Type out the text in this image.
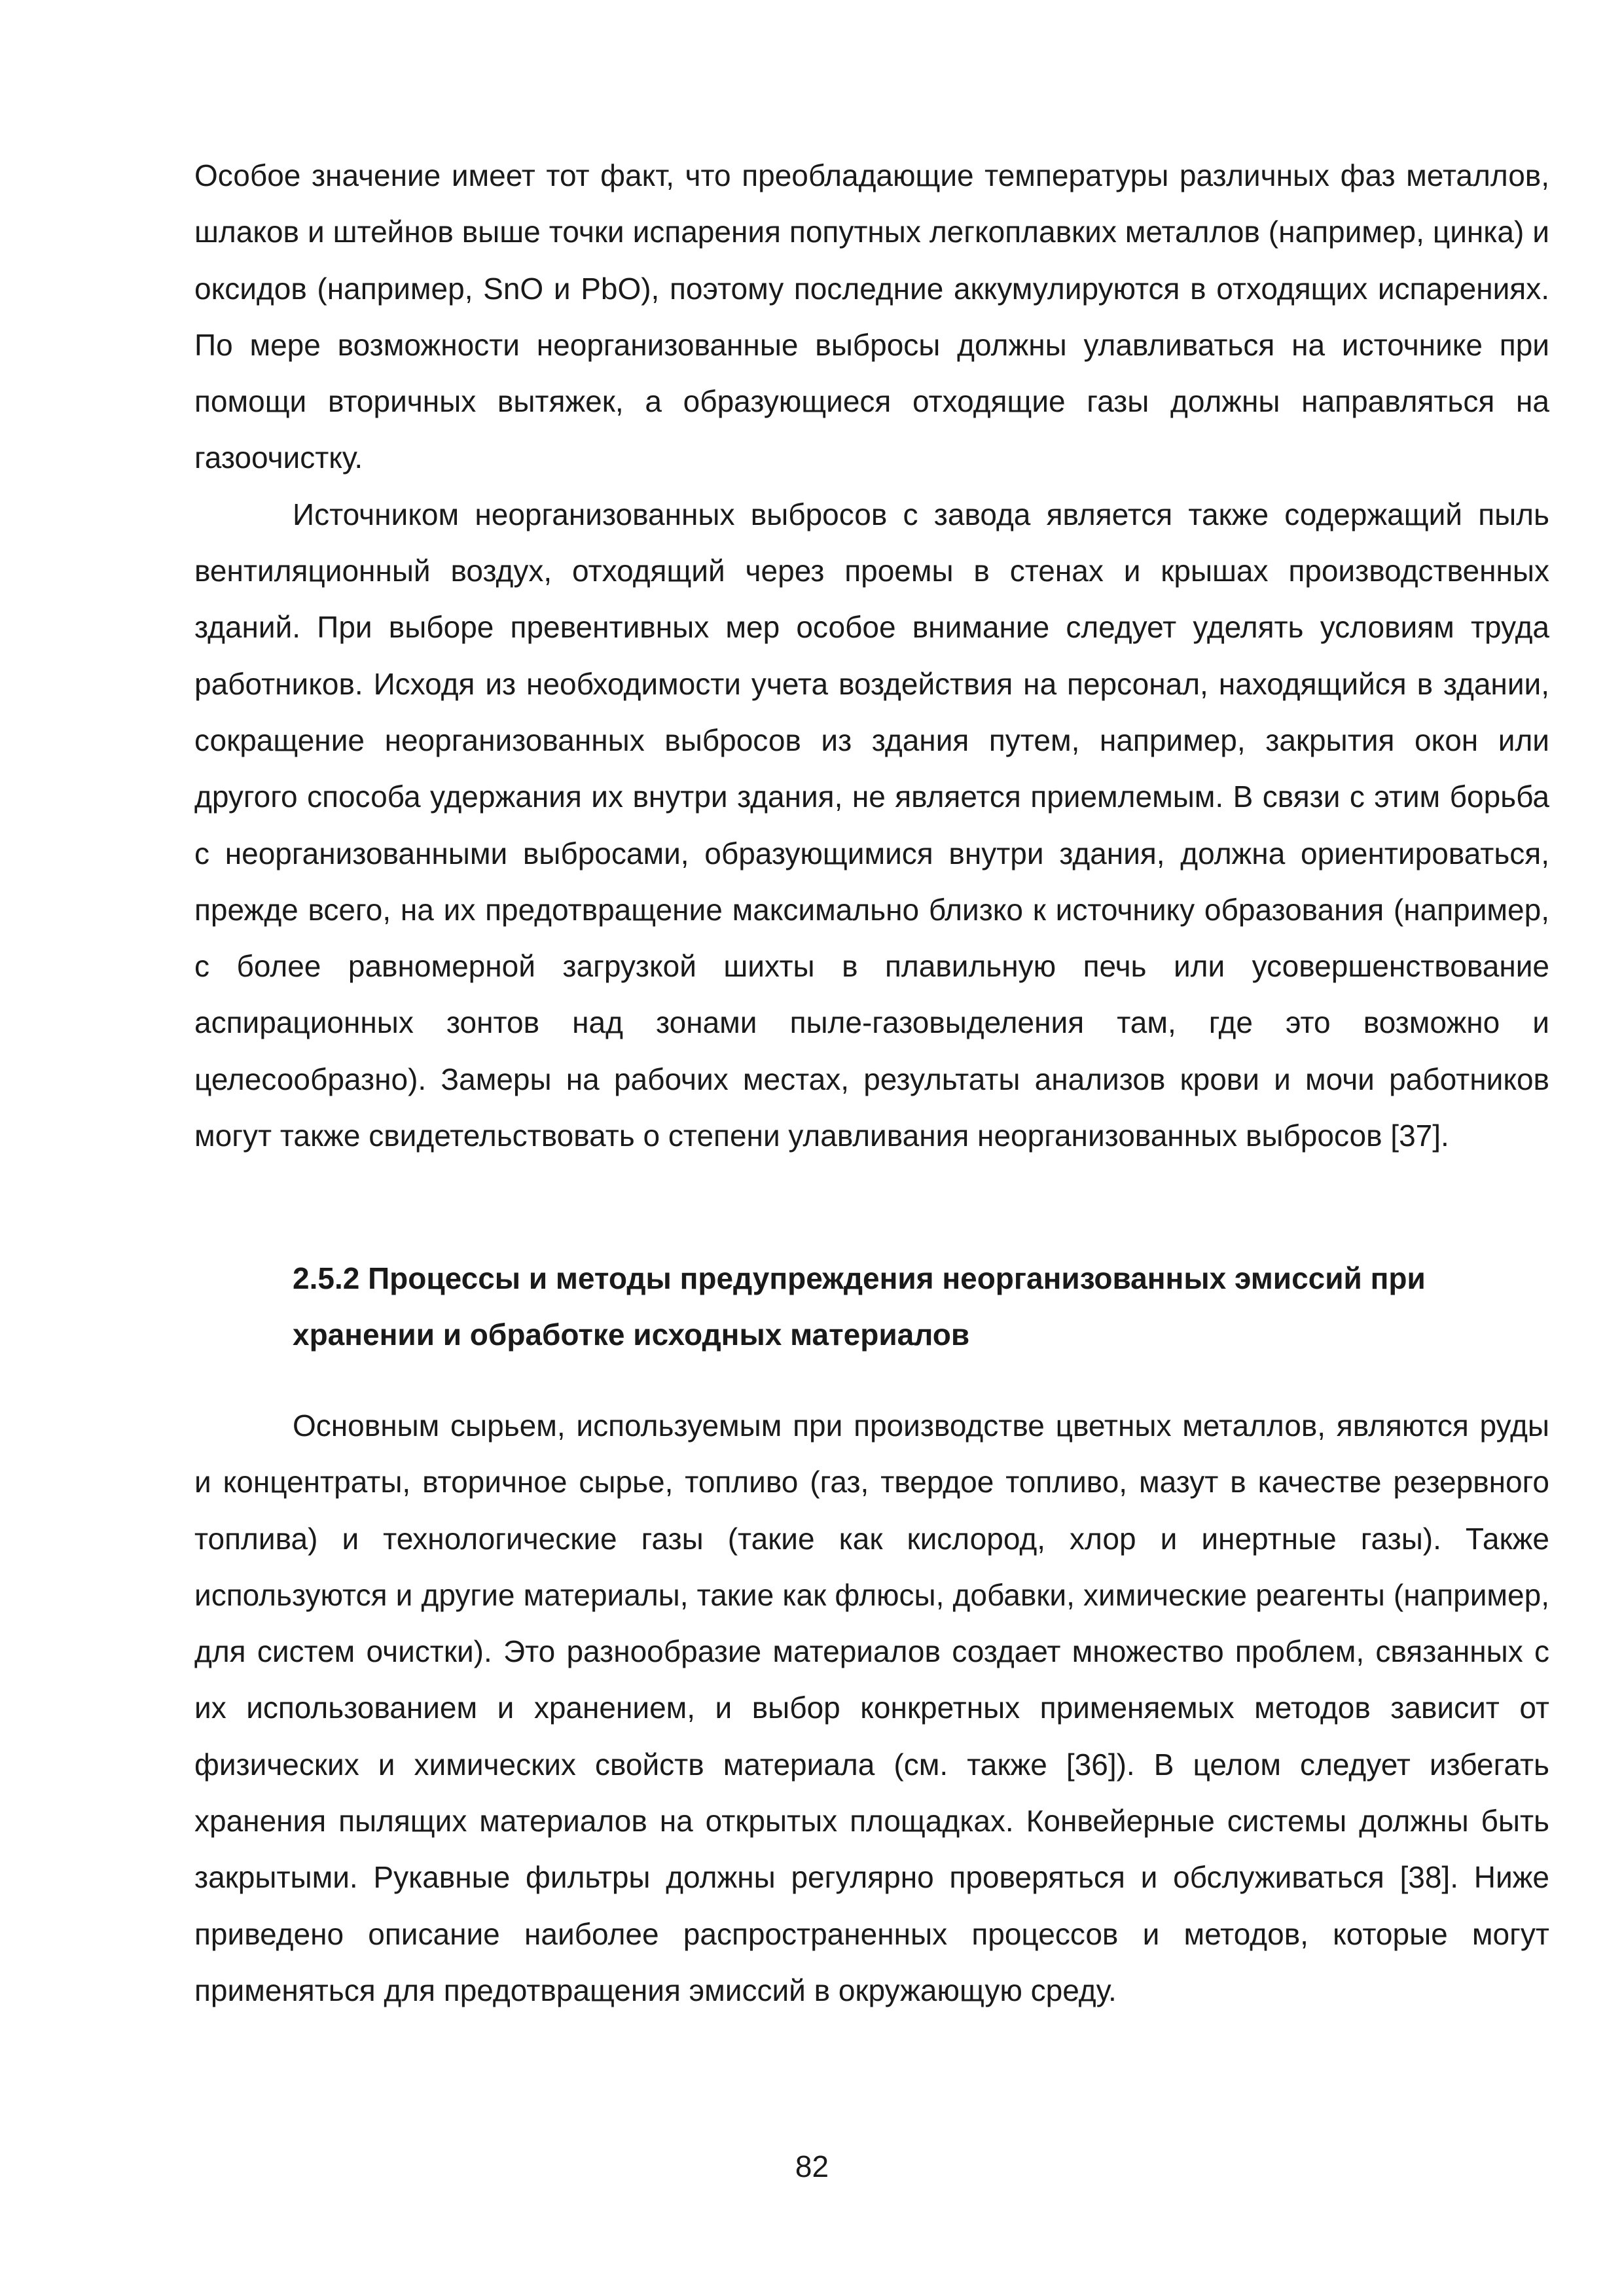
Особое значение имеет тот факт, что преобладающие температуры различных фаз металлов, шлаков и штейнов выше точки испарения попутных легкоплавких металлов (например, цинка) и оксидов (например, SnO и PbO), поэтому последние аккумулируются в отходящих испарениях. По мере возможности неорганизованные выбросы должны улавливаться на источнике при помощи вторичных вытяжек, а образующиеся отходящие газы должны направляться на газоочистку.

Источником неорганизованных выбросов с завода является также содержащий пыль вентиляционный воздух, отходящий через проемы в стенах и крышах производственных зданий. При выборе превентивных мер особое внимание следует уделять условиям труда работников. Исходя из необходимости учета воздействия на персонал, находящийся в здании, сокращение неорганизованных выбросов из здания путем, например, закрытия окон или другого способа удержания их внутри здания, не является приемлемым. В связи с этим борьба с неорганизованными выбросами, образующимися внутри здания, должна ориентироваться, прежде всего, на их предотвращение максимально близко к источнику образования (например, с более равномерной загрузкой шихты в плавильную печь или усовершенствование аспирационных зонтов над зонами пыле-газовыделения там, где это возможно и целесообразно). Замеры на рабочих местах, результаты анализов крови и мочи работников могут также свидетельствовать о степени улавливания неорганизованных выбросов [37].

2.5.2 Процессы и методы предупреждения неорганизованных эмиссий при хранении и обработке исходных материалов

Основным сырьем, используемым при производстве цветных металлов, являются руды и концентраты, вторичное сырье, топливо (газ, твердое топливо, мазут в качестве резервного топлива) и технологические газы (такие как кислород, хлор и инертные газы). Также используются и другие материалы, такие как флюсы, добавки, химические реагенты (например, для систем очистки). Это разнообразие материалов создает множество проблем, связанных с их использованием и хранением, и выбор конкретных применяемых методов зависит от физических и химических свойств материала (см. также [36]). В целом следует избегать хранения пылящих материалов на открытых площадках. Конвейерные системы должны быть закрытыми. Рукавные фильтры должны регулярно проверяться и обслуживаться [38]. Ниже приведено описание наиболее распространенных процессов и методов, которые могут применяться для предотвращения эмиссий в окружающую среду.

82
